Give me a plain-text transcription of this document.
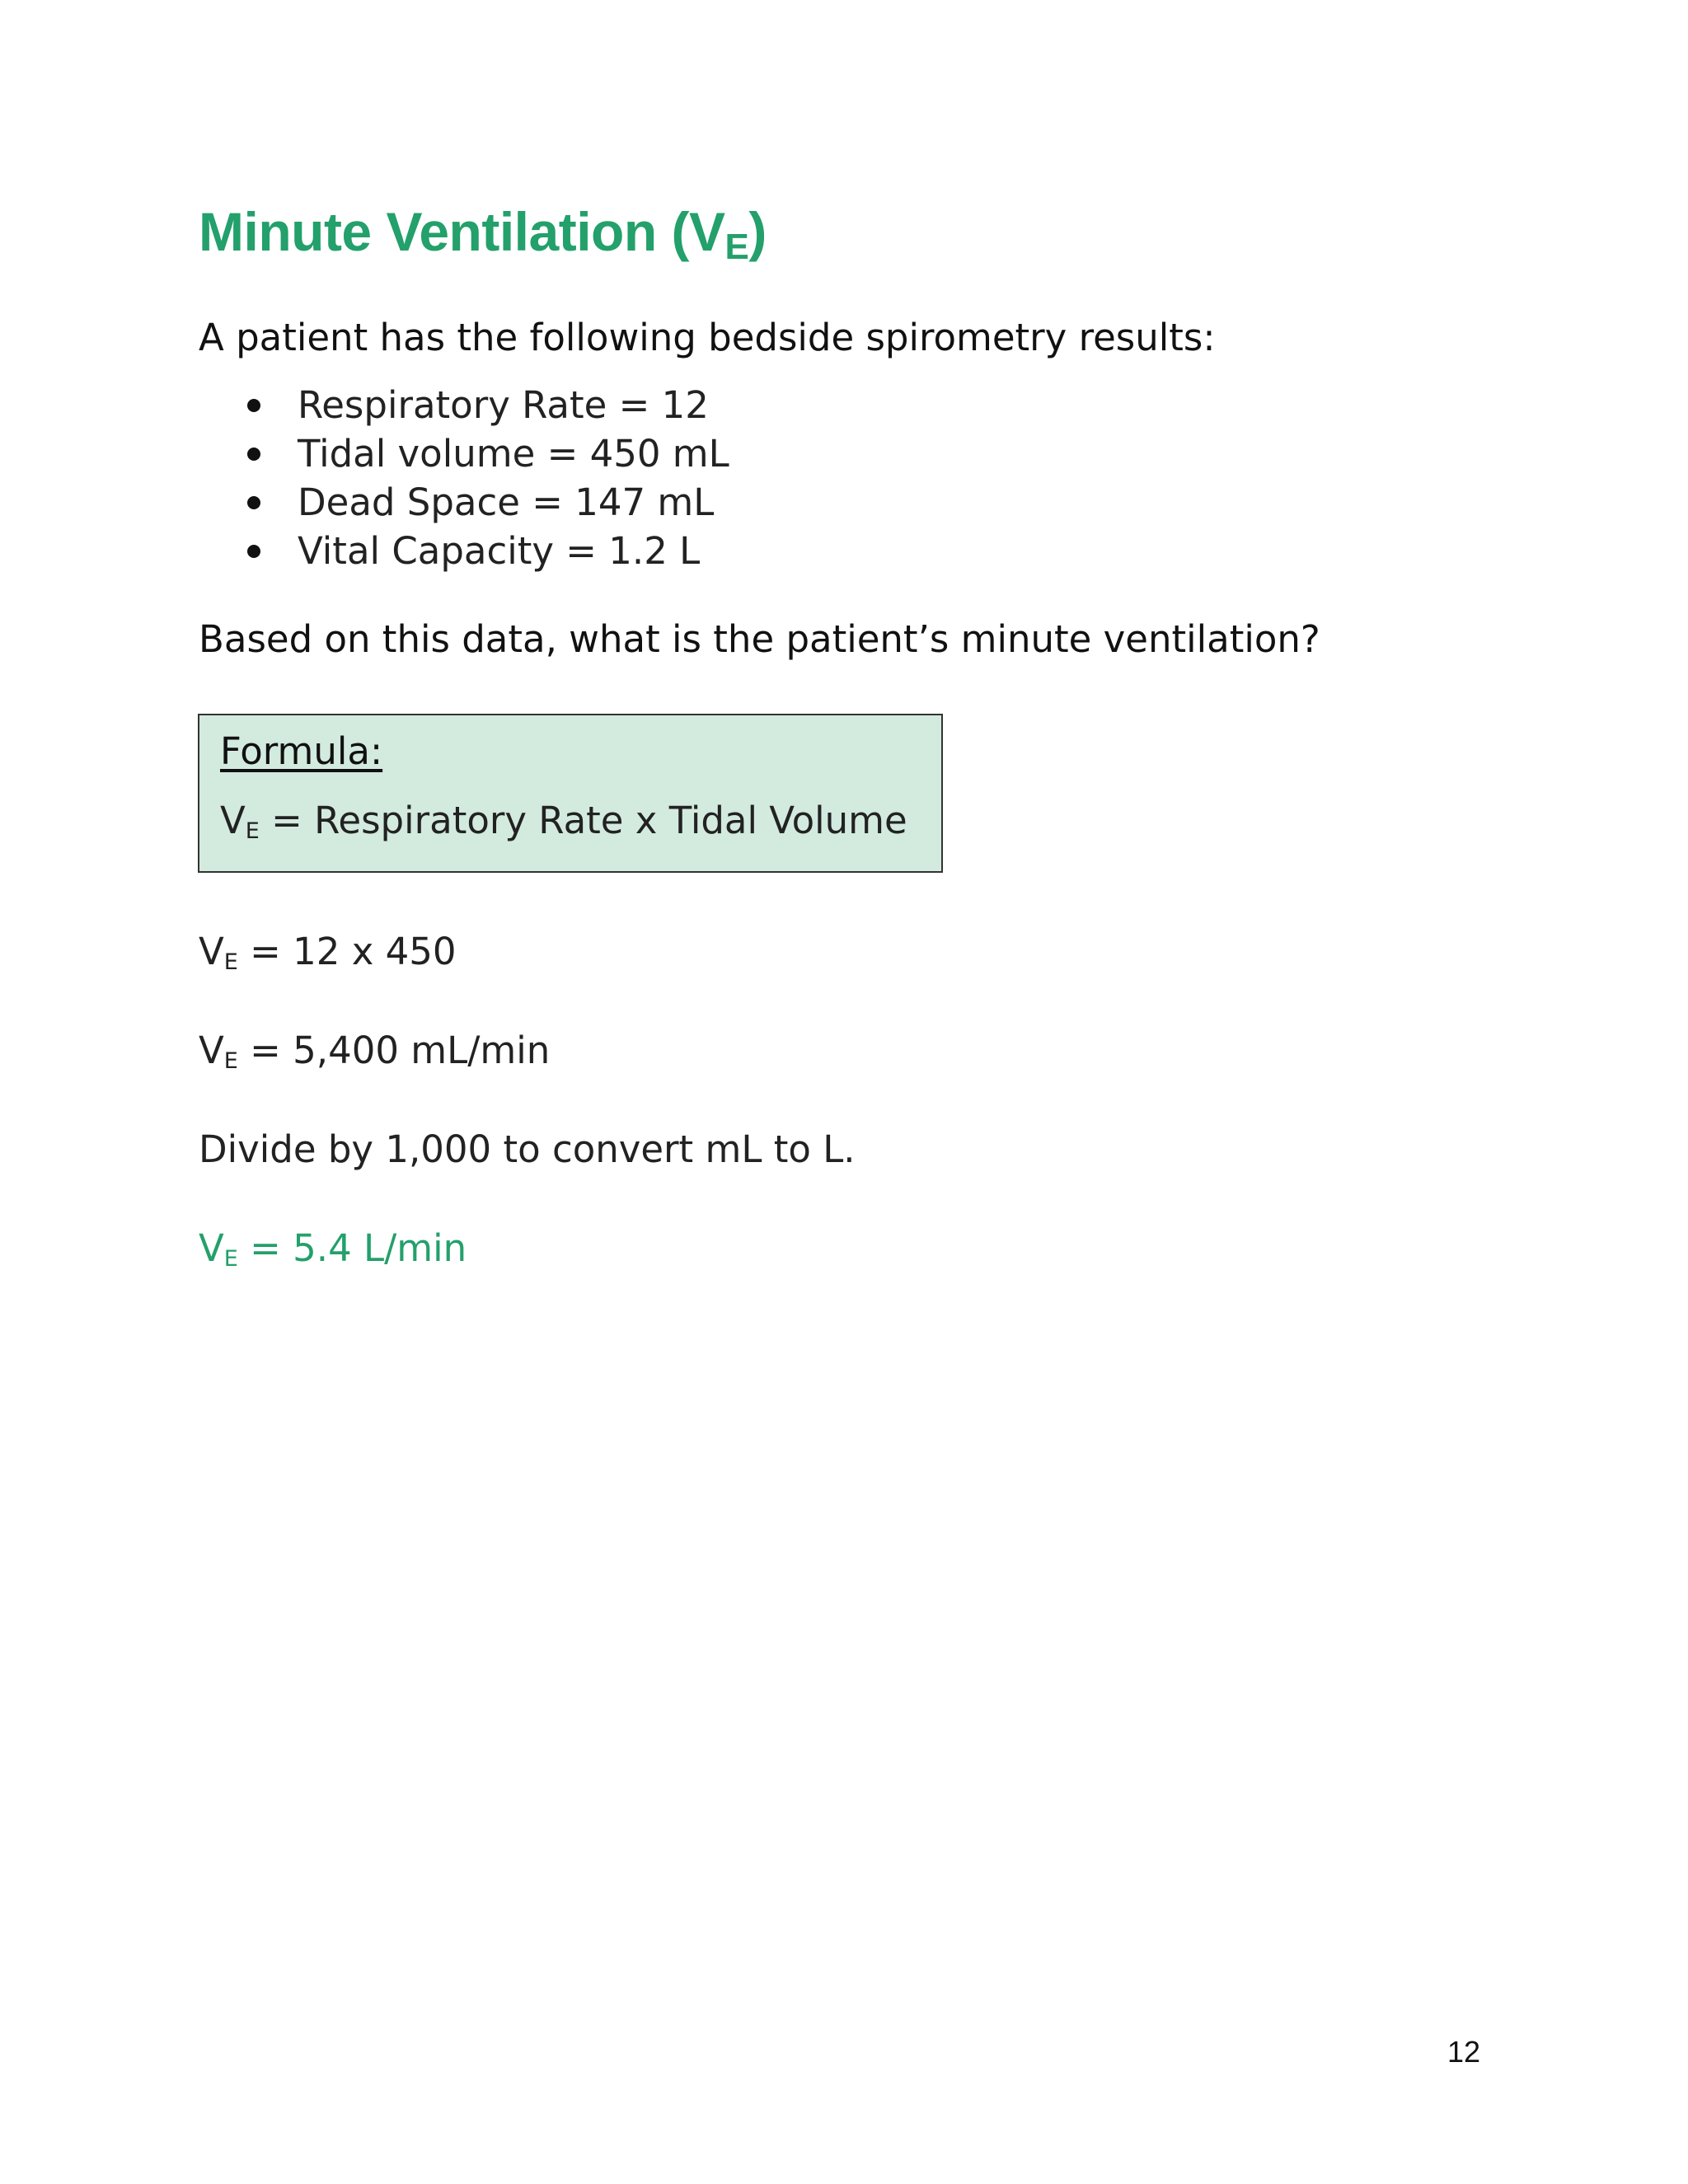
Minute Ventilation $(V_E)$

A patient has the following bedside spirometry results:

Respiratory Rate = 12
Tidal volume = 450 mL
Dead Space = 147 mL
Vital Capacity = 1.2 L

Based on this data, what is the patient’s minute ventilation?

Formula:

VE = Respiratory Rate x Tidal Volume

VE = 12 x 450

VE = 5,400 mL/min

Divide by 1,000 to convert mL to L.

VE = 5.4 L/min

12
